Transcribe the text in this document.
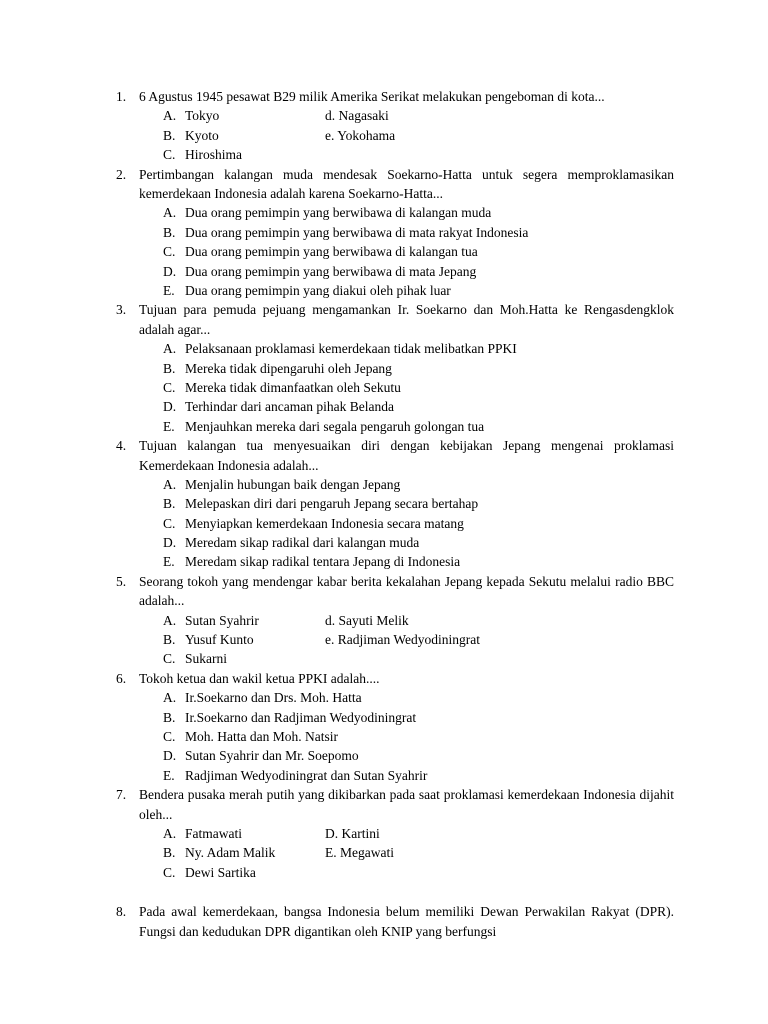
1. 6 Agustus 1945 pesawat B29 milik Amerika Serikat melakukan pengeboman di kota...
A. Tokyo	d. Nagasaki
B. Kyoto	e. Yokohama
C. Hiroshima
2. Pertimbangan kalangan muda mendesak Soekarno-Hatta untuk segera memproklamasikan kemerdekaan Indonesia adalah karena Soekarno-Hatta...
A. Dua orang pemimpin yang berwibawa di kalangan muda
B. Dua orang pemimpin yang berwibawa di mata rakyat Indonesia
C. Dua orang pemimpin yang berwibawa di kalangan tua
D. Dua orang pemimpin yang berwibawa di mata Jepang
E. Dua orang pemimpin yang diakui oleh pihak luar
3. Tujuan para pemuda pejuang mengamankan Ir. Soekarno dan Moh.Hatta ke Rengasdengklok adalah agar...
A. Pelaksanaan proklamasi kemerdekaan tidak melibatkan PPKI
B. Mereka tidak dipengaruhi oleh Jepang
C. Mereka tidak dimanfaatkan oleh Sekutu
D. Terhindar dari ancaman pihak Belanda
E. Menjauhkan mereka dari segala pengaruh golongan tua
4. Tujuan kalangan tua menyesuaikan diri dengan kebijakan Jepang mengenai proklamasi Kemerdekaan Indonesia adalah...
A. Menjalin hubungan baik dengan Jepang
B. Melepaskan diri dari pengaruh Jepang secara bertahap
C. Menyiapkan kemerdekaan Indonesia secara matang
D. Meredam sikap radikal dari kalangan muda
E. Meredam sikap radikal tentara Jepang di Indonesia
5. Seorang tokoh yang mendengar kabar berita kekalahan Jepang kepada Sekutu melalui radio BBC adalah...
A. Sutan Syahrir	d. Sayuti Melik
B. Yusuf Kunto	e. Radjiman Wedyodiningrat
C. Sukarni
6. Tokoh ketua dan wakil ketua PPKI adalah....
A. Ir.Soekarno dan Drs. Moh. Hatta
B. Ir.Soekarno dan Radjiman Wedyodiningrat
C. Moh. Hatta dan Moh. Natsir
D. Sutan Syahrir dan Mr. Soepomo
E. Radjiman Wedyodiningrat dan Sutan Syahrir
7. Bendera pusaka merah putih yang dikibarkan pada saat proklamasi kemerdekaan Indonesia dijahit oleh...
A. Fatmawati	D. Kartini
B. Ny. Adam Malik	E. Megawati
C. Dewi Sartika
8. Pada awal kemerdekaan, bangsa Indonesia belum memiliki Dewan Perwakilan Rakyat (DPR). Fungsi dan kedudukan DPR digantikan oleh KNIP yang berfungsi
